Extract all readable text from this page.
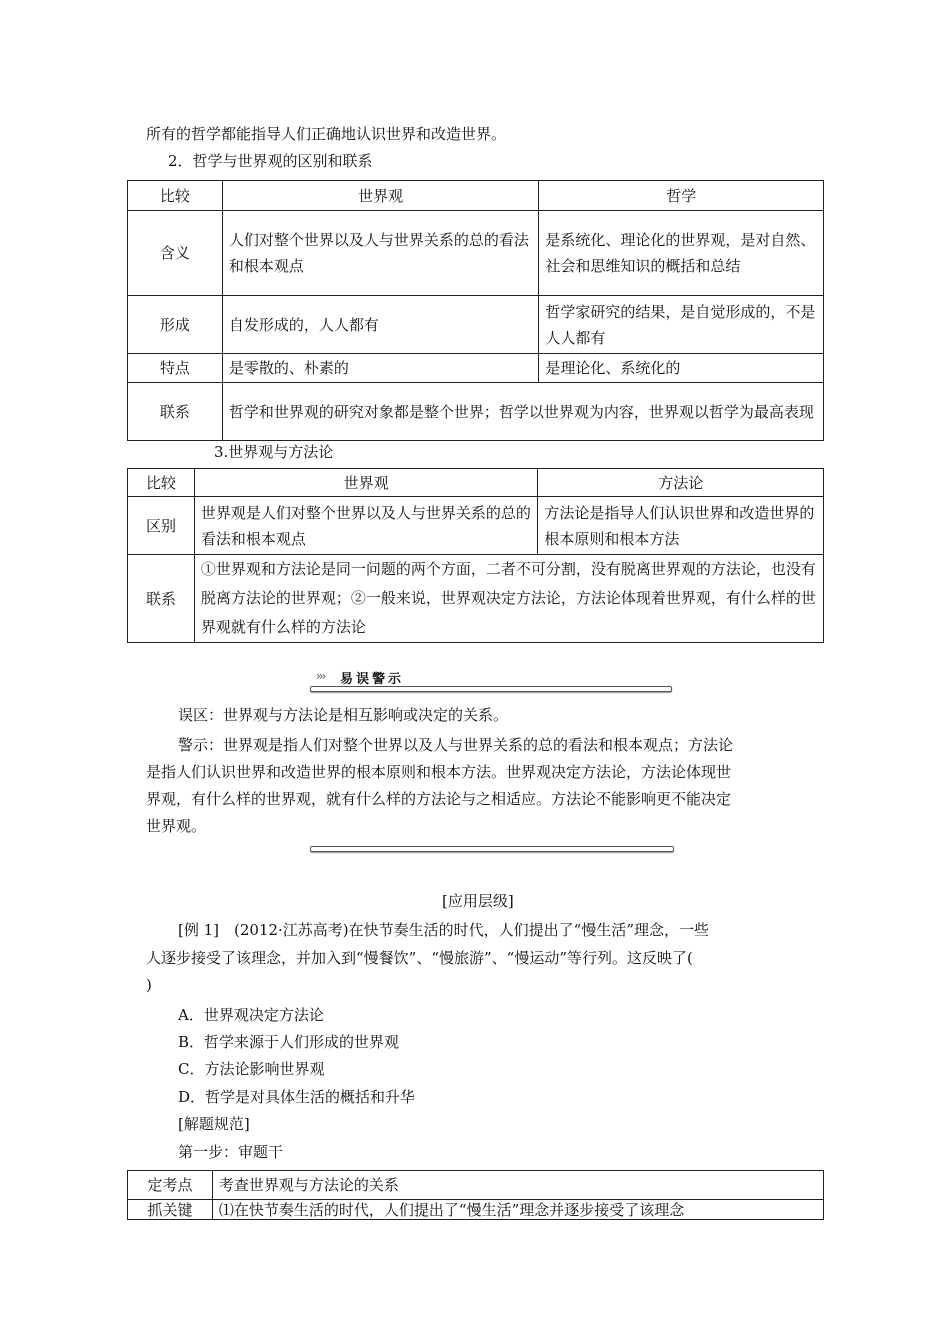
所有的哲学都能指导人们正确地认识世界和改造世界。
2．哲学与世界观的区别和联系
比较	世界观	哲学
含义	人们对整个世界以及人与世界关系的总的看法和根本观点	是系统化、理论化的世界观，是对自然、社会和思维知识的概括和总结
形成	自发形成的，人人都有	哲学家研究的结果，是自觉形成的，不是人人都有
特点	是零散的、朴素的	是理论化、系统化的
联系	哲学和世界观的研究对象都是整个世界；哲学以世界观为内容，世界观以哲学为最高表现	
3.世界观与方法论
比较	世界观	方法论
区别	世界观是人们对整个世界以及人与世界关系的总的看法和根本观点	方法论是指导人们认识世界和改造世界的根本原则和根本方法
联系	①世界观和方法论是同一问题的两个方面，二者不可分割，没有脱离世界观的方法论，也没有脱离方法论的世界观；②一般来说，世界观决定方法论，方法论体现着世界观，有什么样的世界观就有什么样的方法论	
››› 易误警示
误区：世界观与方法论是相互影响或决定的关系。
警示：世界观是指人们对整个世界以及人与世界关系的总的看法和根本观点；方法论
是指人们认识世界和改造世界的根本原则和根本方法。世界观决定方法论，方法论体现世
界观，有什么样的世界观，就有什么样的方法论与之相适应。方法论不能影响更不能决定
世界观。
[应用层级]
[例 1]　(2012·江苏高考)在快节奏生活的时代，人们提出了“慢生活”理念，一些
人逐步接受了该理念，并加入到“慢餐饮”、“慢旅游”、“慢运动”等行列。这反映了(
)
A．世界观决定方法论
B．哲学来源于人们形成的世界观
C．方法论影响世界观
D．哲学是对具体生活的概括和升华
[解题规范]
第一步：审题干
定考点	考查世界观与方法论的关系
抓关键	⑴在快节奏生活的时代，人们提出了“慢生活”理念并逐步接受了该理念
